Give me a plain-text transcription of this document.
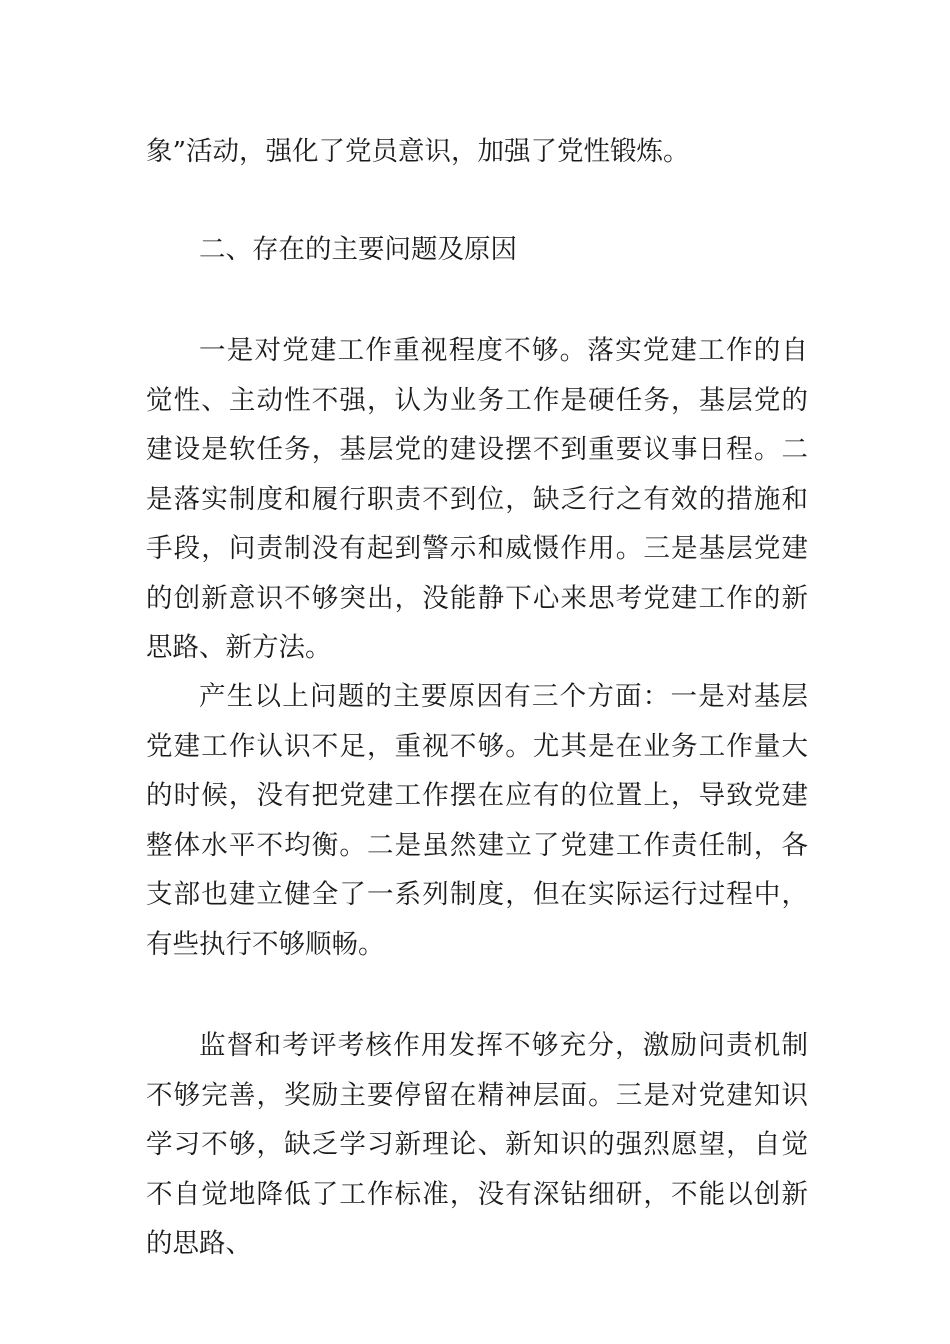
象”活动，强化了党员意识，加强了党性锻炼。
二、存在的主要问题及原因
一是对党建工作重视程度不够。落实党建工作的自觉性、主动性不强，认为业务工作是硬任务，基层党的建设是软任务，基层党的建设摆不到重要议事日程。二是落实制度和履行职责不到位，缺乏行之有效的措施和手段，问责制没有起到警示和威慑作用。三是基层党建的创新意识不够突出，没能静下心来思考党建工作的新思路、新方法。
产生以上问题的主要原因有三个方面：一是对基层党建工作认识不足，重视不够。尤其是在业务工作量大的时候，没有把党建工作摆在应有的位置上，导致党建整体水平不均衡。二是虽然建立了党建工作责任制，各支部也建立健全了一系列制度，但在实际运行过程中，有些执行不够顺畅。
监督和考评考核作用发挥不够充分，激励问责机制不够完善，奖励主要停留在精神层面。三是对党建知识学习不够，缺乏学习新理论、新知识的强烈愿望，自觉不自觉地降低了工作标准，没有深钻细研，不能以创新的思路、
